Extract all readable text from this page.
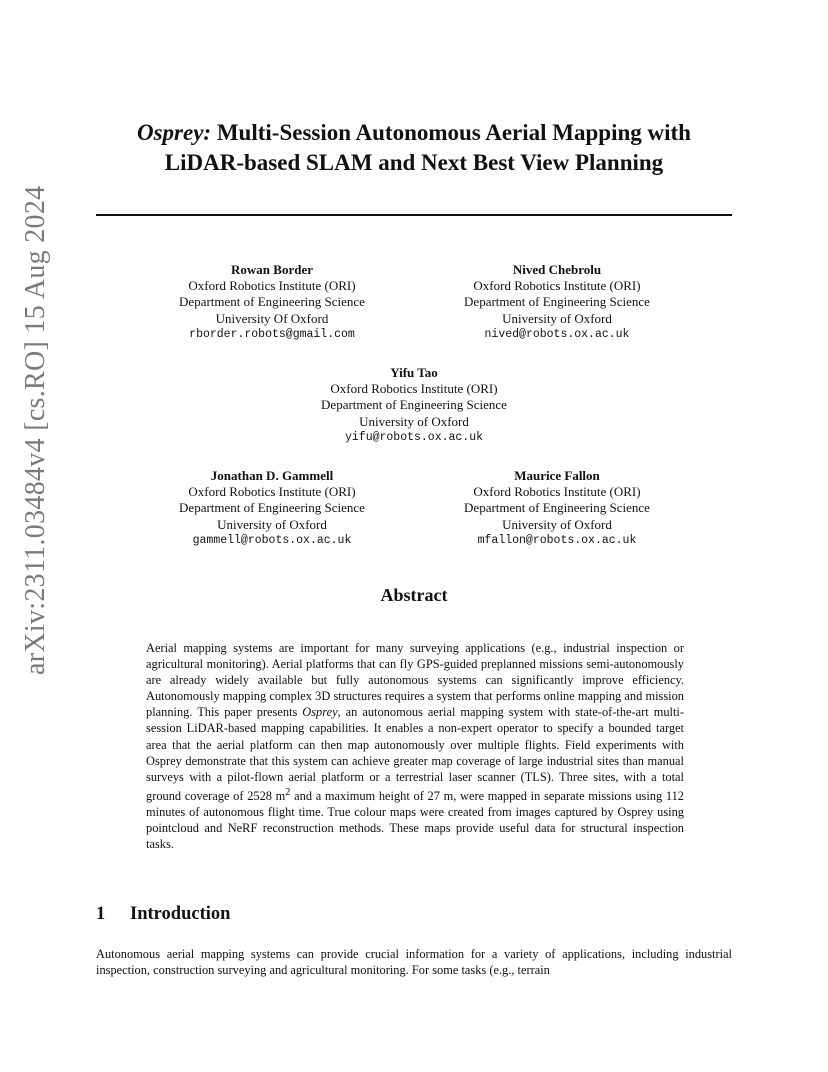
arXiv:2311.03484v4 [cs.RO] 15 Aug 2024
Osprey: Multi-Session Autonomous Aerial Mapping with LiDAR-based SLAM and Next Best View Planning
Rowan Border
Oxford Robotics Institute (ORI)
Department of Engineering Science
University Of Oxford
rborder.robots@gmail.com
Nived Chebrolu
Oxford Robotics Institute (ORI)
Department of Engineering Science
University of Oxford
nived@robots.ox.ac.uk
Yifu Tao
Oxford Robotics Institute (ORI)
Department of Engineering Science
University of Oxford
yifu@robots.ox.ac.uk
Jonathan D. Gammell
Oxford Robotics Institute (ORI)
Department of Engineering Science
University of Oxford
gammell@robots.ox.ac.uk
Maurice Fallon
Oxford Robotics Institute (ORI)
Department of Engineering Science
University of Oxford
mfallon@robots.ox.ac.uk
Abstract
Aerial mapping systems are important for many surveying applications (e.g., industrial inspection or agricultural monitoring). Aerial platforms that can fly GPS-guided preplanned missions semi-autonomously are already widely available but fully autonomous systems can significantly improve efficiency. Autonomously mapping complex 3D structures requires a system that performs online mapping and mission planning. This paper presents Osprey, an autonomous aerial mapping system with state-of-the-art multi-session LiDAR-based mapping capabilities. It enables a non-expert operator to specify a bounded target area that the aerial platform can then map autonomously over multiple flights. Field experiments with Osprey demonstrate that this system can achieve greater map coverage of large industrial sites than manual surveys with a pilot-flown aerial platform or a terrestrial laser scanner (TLS). Three sites, with a total ground coverage of 2528 $m^2$ and a maximum height of 27 m, were mapped in separate missions using 112 minutes of autonomous flight time. True colour maps were created from images captured by Osprey using pointcloud and NeRF reconstruction methods. These maps provide useful data for structural inspection tasks.
1 Introduction
Autonomous aerial mapping systems can provide crucial information for a variety of applications, including industrial inspection, construction surveying and agricultural monitoring. For some tasks (e.g., terrain
